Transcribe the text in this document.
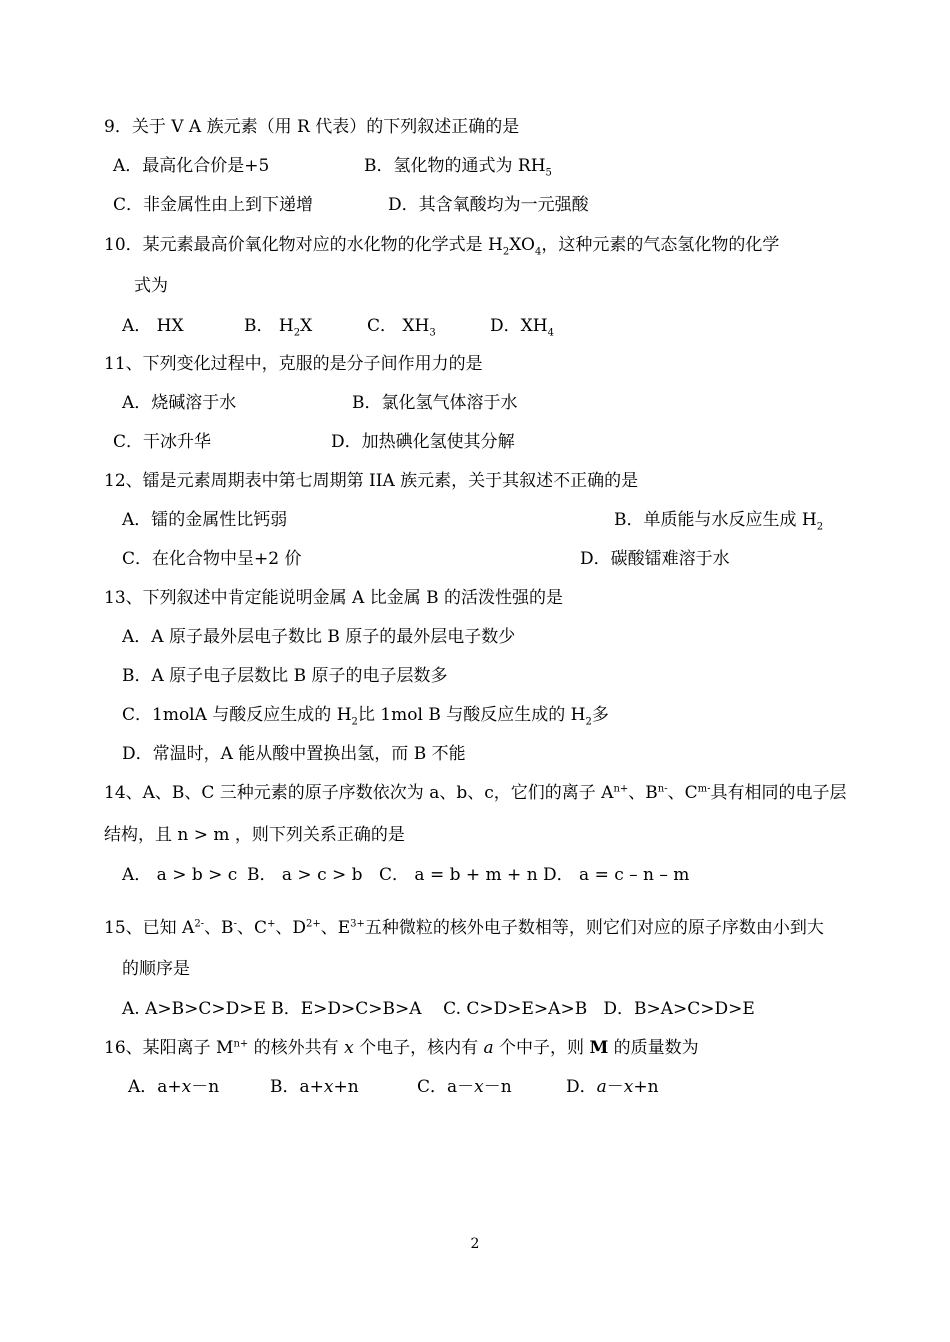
9．关于 V A 族元素（用 R 代表）的下列叙述正确的是
A．最高化合价是+5	B．氢化物的通式为 $RH_5$
C．非金属性由上到下递增	D．其含氧酸均为一元强酸
10．某元素最高价氧化物对应的水化物的化学式是 $H_2XO_4$，这种元素的气态氢化物的化学
式为
A． HX	B． $H_2X$	C． $XH_3$	D．$XH_4$
11、下列变化过程中，克服的是分子间作用力的是
A．烧碱溶于水	B．氯化氢气体溶于水
C．干冰升华	D．加热碘化氢使其分解
12、镭是元素周期表中第七周期第 IIA 族元素，关于其叙述不正确的是
A．镭的金属性比钙弱	B．单质能与水反应生成 $H_2$
C．在化合物中呈+2 价	D．碳酸镭难溶于水
13、下列叙述中肯定能说明金属 A 比金属 B 的活泼性强的是
A．A 原子最外层电子数比 B 原子的最外层电子数少
B．A 原子电子层数比 B 原子的电子层数多
C．1molA 与酸反应生成的 $H_2$比 1mol B 与酸反应生成的 $H_2$多
D．常温时，A 能从酸中置换出氢，而 B 不能
14、A、B、C 三种元素的原子序数依次为 a、b、c，它们的离子 $A^{n+}$、$B^{n-}$、$C^{m-}$具有相同的电子层
结构，且 n > m ，则下列关系正确的是
A． a > b > c B． a > c > b C． a = b + m + n D． a = c – n – m
15、已知 $A^{2-}$、B-、C+、$D^{2+}$、$E^{3+}$五种微粒的核外电子数相等，则它们对应的原子序数由小到大
的顺序是
A. A>B>C>D>E B．E>D>C>B>A    C. C>D>E>A>B   D．B>A>C>D>E
16、某阳离子 $M^{n+}$ 的核外共有 x 个电子，核内有 a 个中子，则 M 的质量数为
A．a+x－n	B．a+x+n	C．a－x－n	D．a－x+n
2
